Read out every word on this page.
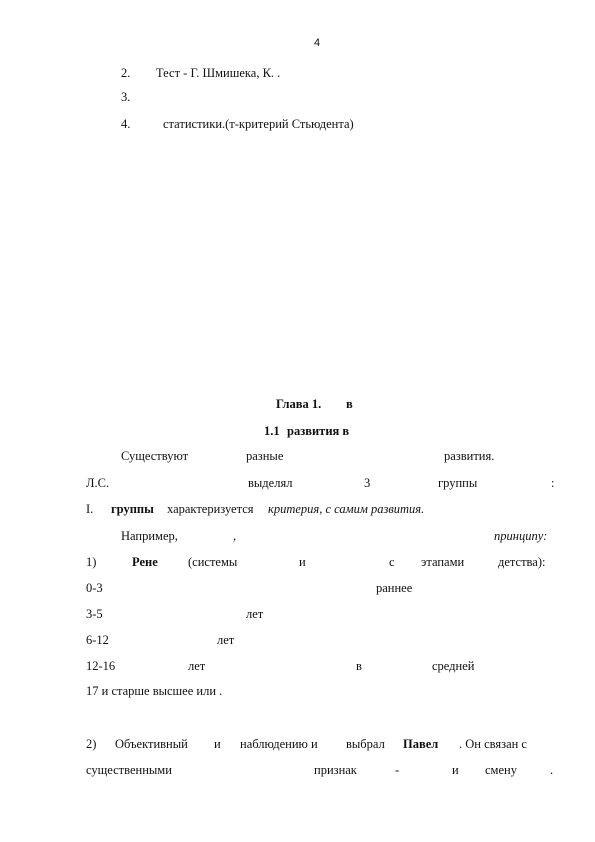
4
2. Тест - Г. Шмишека, К. .
3.
4.	статистики.(т-критерий Стьюдента)
Глава 1. в
1.1 развития в
Существуют	разные	развития.
Л.С.	выделял	3	группы	:
I. группы характеризуется критерия, с самим развития.
Например,	,	принципу:
1)	Рене (системы	и	с этапами	детства):
0-3	раннее
3-5	лет
6-12	лет
12-16	лет	в	средней
17 и старше высшее или .
2) Объективный и наблюдению и выбрал Павел . Он связан с
существенными	признак	-	и смену	.
